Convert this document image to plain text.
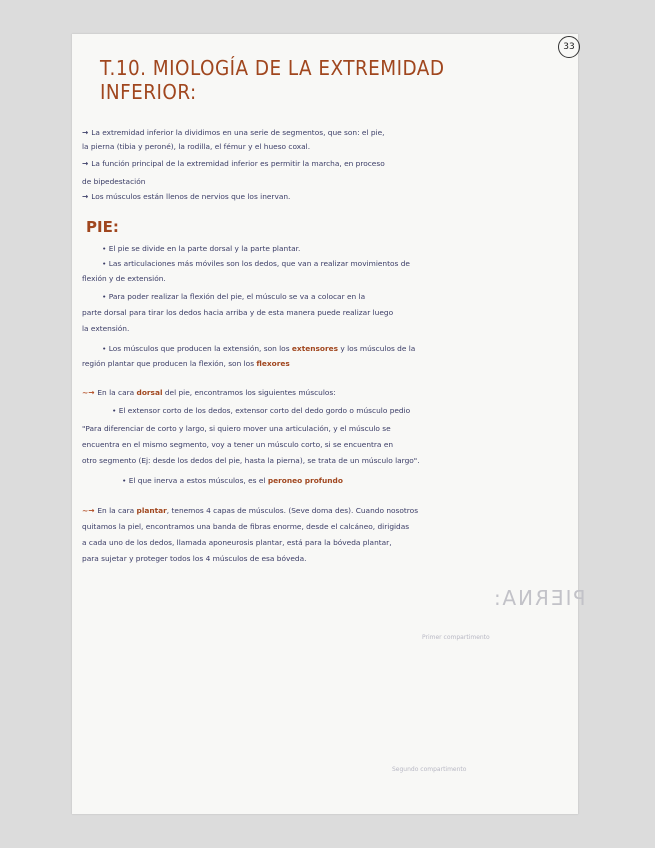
33
T.10. MIOLOGÍA DE LA EXTREMIDAD
INFERIOR:
→ La extremidad inferior la dividimos en una serie de segmentos, que son: el pie,
la pierna (tibia y peroné), la rodilla, el fémur y el hueso coxal.
→ La función principal de la extremidad inferior es permitir la marcha, en proceso
de bipedestación
→ Los músculos están llenos de nervios que los inervan.
PIE:
• El pie se divide en la parte dorsal y la parte plantar.
• Las articulaciones más móviles son los dedos, que van a realizar movimientos de
flexión y de extensión.
• Para poder realizar la flexión del pie, el músculo se va a colocar en la
parte dorsal para tirar los dedos hacia arriba y de esta manera puede realizar luego
la extensión.
• Los músculos que producen la extensión, son los extensores y los músculos de la
región plantar que producen la flexión, son los flexores
~→ En la cara dorsal del pie, encontramos los siguientes músculos:
• El extensor corto de los dedos, extensor corto del dedo gordo o músculo pedio
"Para diferenciar de corto y largo, si quiero mover una articulación, y el músculo se
encuentra en el mismo segmento, voy a tener un músculo corto, si se encuentra en
otro segmento (Ej: desde los dedos del pie, hasta la pierna), se trata de un músculo largo".
• El que inerva a estos músculos, es el peroneo profundo
~→ En la cara plantar, tenemos 4 capas de músculos. (Seve doma des). Cuando nosotros
quitamos la piel, encontramos una banda de fibras enorme, desde el calcáneo, dirigidas
a cada uno de los dedos, llamada aponeurosis plantar, está para la bóveda plantar,
para sujetar y proteger todos los 4 músculos de esa bóveda.
PIERNA:
Primer compartimento
Segundo compartimento
